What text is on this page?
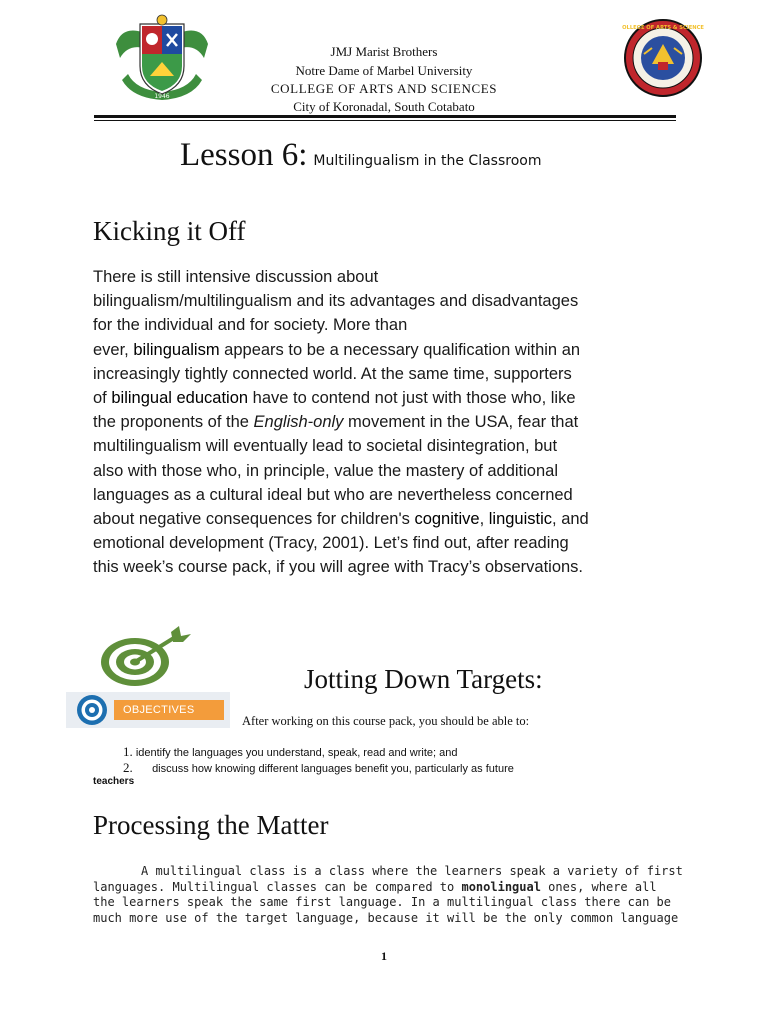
1946
COLLEGE OF ARTS & SCIENCES
JMJ Marist Brothers
Notre Dame of Marbel University
COLLEGE OF ARTS AND SCIENCES
City of Koronadal, South Cotabato
Lesson 6: Multilingualism in the Classroom
Kicking it Off
There is still intensive discussion about
bilingualism/multilingualism and its advantages and disadvantages
for the individual and for society. More than
ever, bilingualism appears to be a necessary qualification within an
increasingly tightly connected world. At the same time, supporters
of bilingual education have to contend not just with those who, like
the proponents of the English-only movement in the USA, fear that
multilingualism will eventually lead to societal disintegration, but
also with those who, in principle, value the mastery of additional
languages as a cultural ideal but who are nevertheless concerned
about negative consequences for children's cognitive, linguistic, and
emotional development (Tracy, 2001). Let’s find out, after reading
this week’s course pack, if you will agree with Tracy’s observations.
Jotting Down Targets:
OBJECTIVES
After working on this course pack, you should be able to:
1. identify the languages you understand, speak, read and write; and
2. discuss how knowing different languages benefit you, particularly as future
teachers
Processing the Matter
A multilingual class is a class where the learners speak a variety of first
languages. Multilingual classes can be compared to monolingual ones, where all
the learners speak the same first language. In a multilingual class there can be
much more use of the target language, because it will be the only common language
1
